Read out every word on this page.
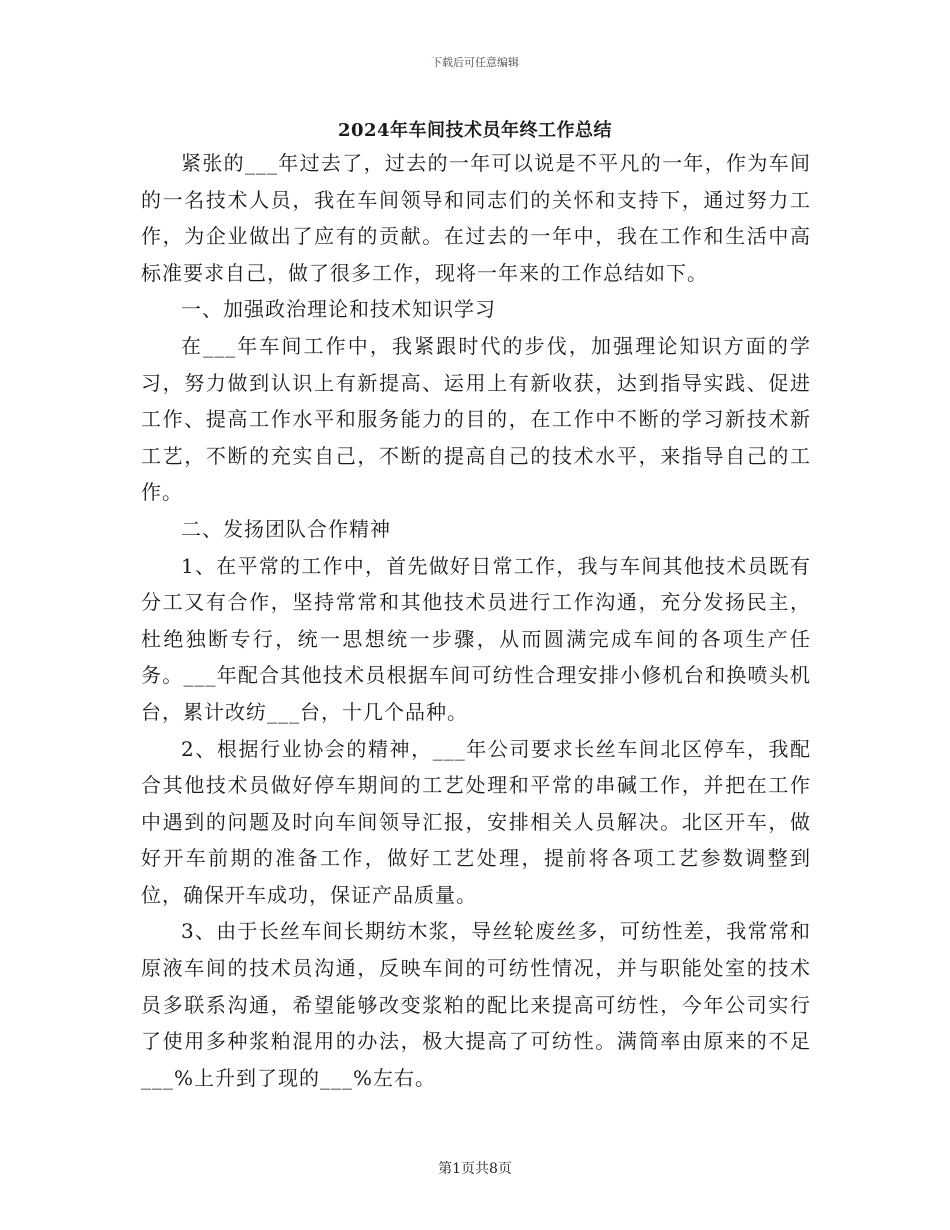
下载后可任意编辑
2024年车间技术员年终工作总结

紧张的___年过去了，过去的一年可以说是不平凡的一年，作为车间的一名技术人员，我在车间领导和同志们的关怀和支持下，通过努力工作，为企业做出了应有的贡献。在过去的一年中，我在工作和生活中高标准要求自己，做了很多工作，现将一年来的工作总结如下。

一、加强政治理论和技术知识学习

在___年车间工作中，我紧跟时代的步伐，加强理论知识方面的学习，努力做到认识上有新提高、运用上有新收获，达到指导实践、促进工作、提高工作水平和服务能力的目的，在工作中不断的学习新技术新工艺，不断的充实自己，不断的提高自己的技术水平，来指导自己的工作。

二、发扬团队合作精神

1、在平常的工作中，首先做好日常工作，我与车间其他技术员既有分工又有合作，坚持常常和其他技术员进行工作沟通，充分发扬民主，杜绝独断专行，统一思想统一步骤，从而圆满完成车间的各项生产任务。___年配合其他技术员根据车间可纺性合理安排小修机台和换喷头机台，累计改纺___台，十几个品种。

2、根据行业协会的精神，___年公司要求长丝车间北区停车，我配合其他技术员做好停车期间的工艺处理和平常的串碱工作，并把在工作中遇到的问题及时向车间领导汇报，安排相关人员解决。北区开车，做好开车前期的准备工作，做好工艺处理，提前将各项工艺参数调整到位，确保开车成功，保证产品质量。

3、由于长丝车间长期纺木浆，导丝轮废丝多，可纺性差，我常常和原液车间的技术员沟通，反映车间的可纺性情况，并与职能处室的技术员多联系沟通，希望能够改变浆粕的配比来提高可纺性，今年公司实行了使用多种浆粕混用的办法，极大提高了可纺性。满筒率由原来的不足___%上升到了现的___%左右。

第1页共8页
